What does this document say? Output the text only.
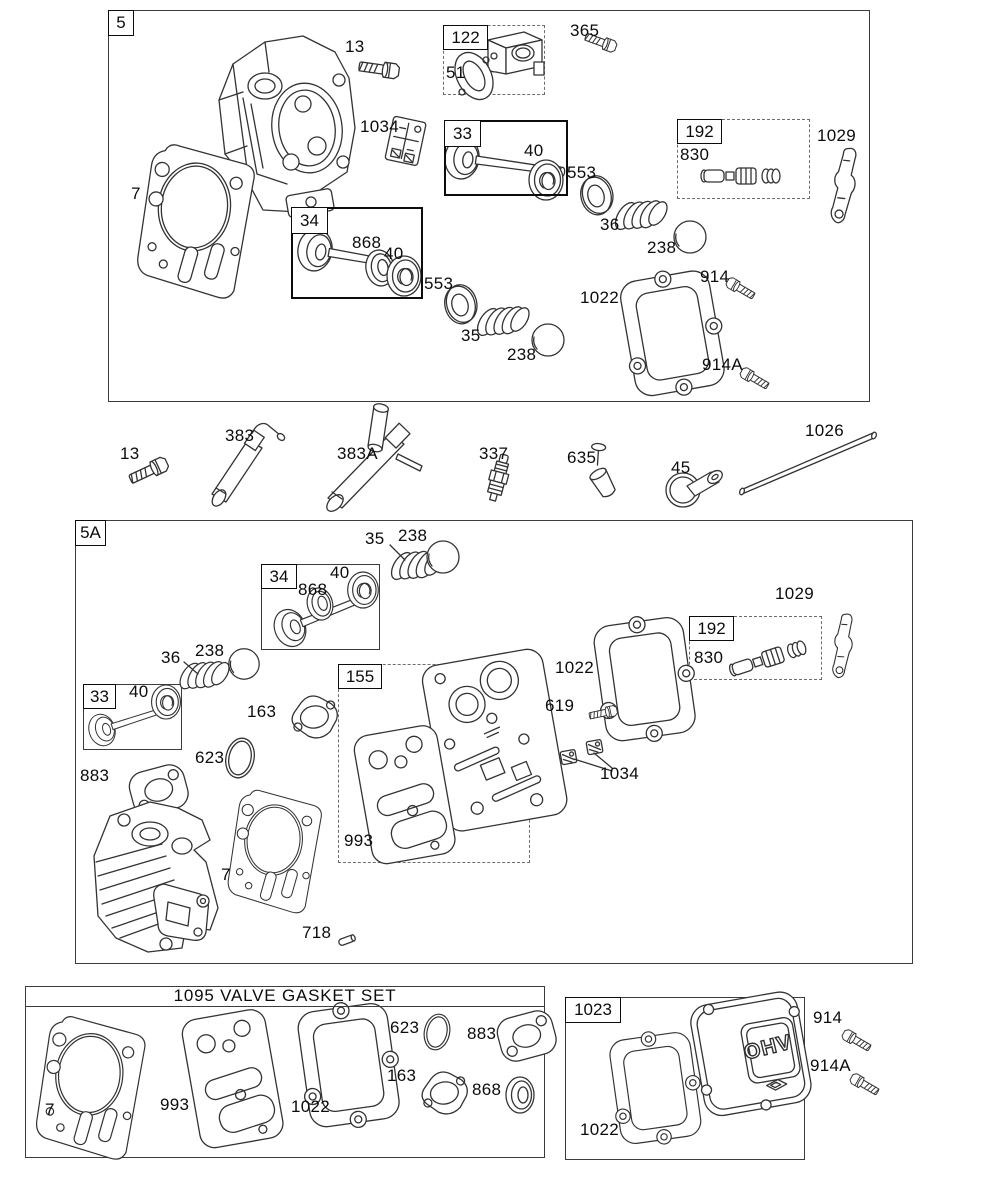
5
5A
122
33	192
34
34
33
192
155
1023
1095 VALVE GASKET SET
OHV
13
51
365
1034
7
40
553
36
238
830
1029
914
1022
914A
868
40
553
35
238
13
383
383A	337	635
45
1026
35 238
868
40
1029
830
36 238
40
163
623
883
993
1022
619
1034
7
718
7	993	1022
623
163
883
868
1022
914
914A
